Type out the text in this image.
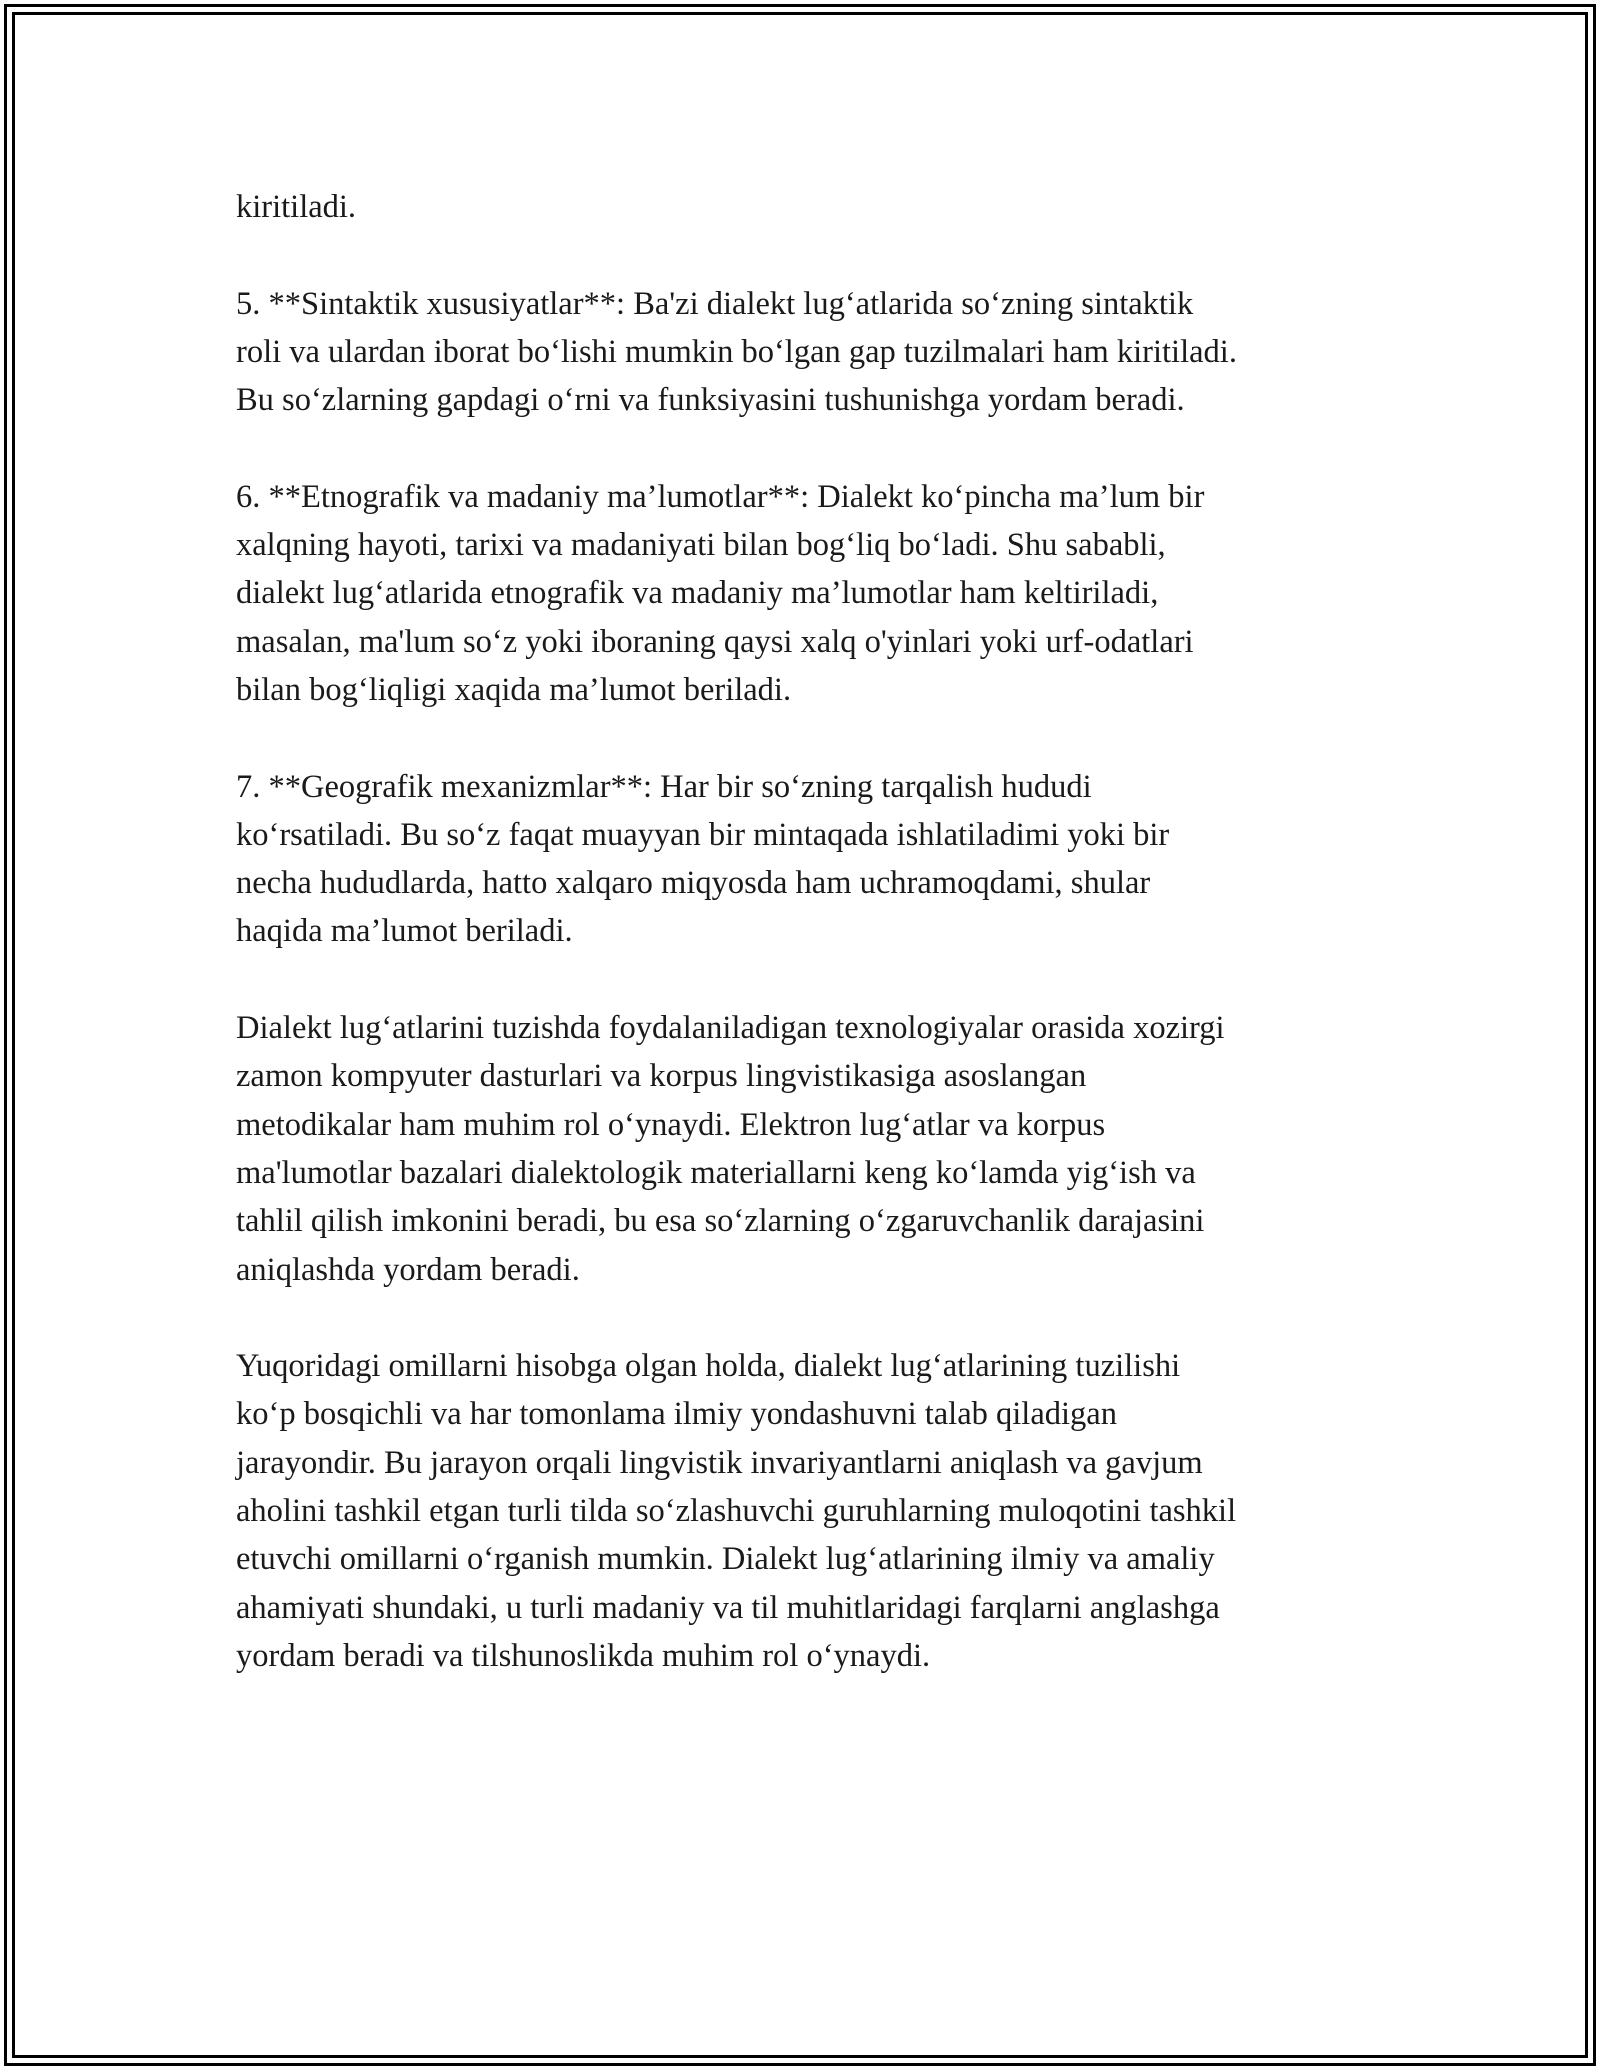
kiritiladi.

5. **Sintaktik xususiyatlar**: Ba'zi dialekt lug‘atlarida so‘zning sintaktik
roli va ulardan iborat bo‘lishi mumkin bo‘lgan gap tuzilmalari ham kiritiladi.
Bu so‘zlarning gapdagi o‘rni va funksiyasini tushunishga yordam beradi.

6. **Etnografik va madaniy ma’lumotlar**: Dialekt ko‘pincha ma’lum bir
xalqning hayoti, tarixi va madaniyati bilan bog‘liq bo‘ladi. Shu sababli,
dialekt lug‘atlarida etnografik va madaniy ma’lumotlar ham keltiriladi,
masalan, ma'lum so‘z yoki iboraning qaysi xalq o'yinlari yoki urf-odatlari
bilan bog‘liqligi xaqida ma’lumot beriladi.

7. **Geografik mexanizmlar**: Har bir so‘zning tarqalish hududi
ko‘rsatiladi. Bu so‘z faqat muayyan bir mintaqada ishlatiladimi yoki bir
necha hududlarda, hatto xalqaro miqyosda ham uchramoqdami, shular
haqida ma’lumot beriladi.

Dialekt lug‘atlarini tuzishda foydalaniladigan texnologiyalar orasida xozirgi
zamon kompyuter dasturlari va korpus lingvistikasiga asoslangan
metodikalar ham muhim rol o‘ynaydi. Elektron lug‘atlar va korpus
ma'lumotlar bazalari dialektologik materiallarni keng ko‘lamda yig‘ish va
tahlil qilish imkonini beradi, bu esa so‘zlarning o‘zgaruvchanlik darajasini
aniqlashda yordam beradi.

Yuqoridagi omillarni hisobga olgan holda, dialekt lug‘atlarining tuzilishi
ko‘p bosqichli va har tomonlama ilmiy yondashuvni talab qiladigan
jarayondir. Bu jarayon orqali lingvistik invariyantlarni aniqlash va gavjum
aholini tashkil etgan turli tilda so‘zlashuvchi guruhlarning muloqotini tashkil
etuvchi omillarni o‘rganish mumkin. Dialekt lug‘atlarining ilmiy va amaliy
ahamiyati shundaki, u turli madaniy va til muhitlaridagi farqlarni anglashga
yordam beradi va tilshunoslikda muhim rol o‘ynaydi.
